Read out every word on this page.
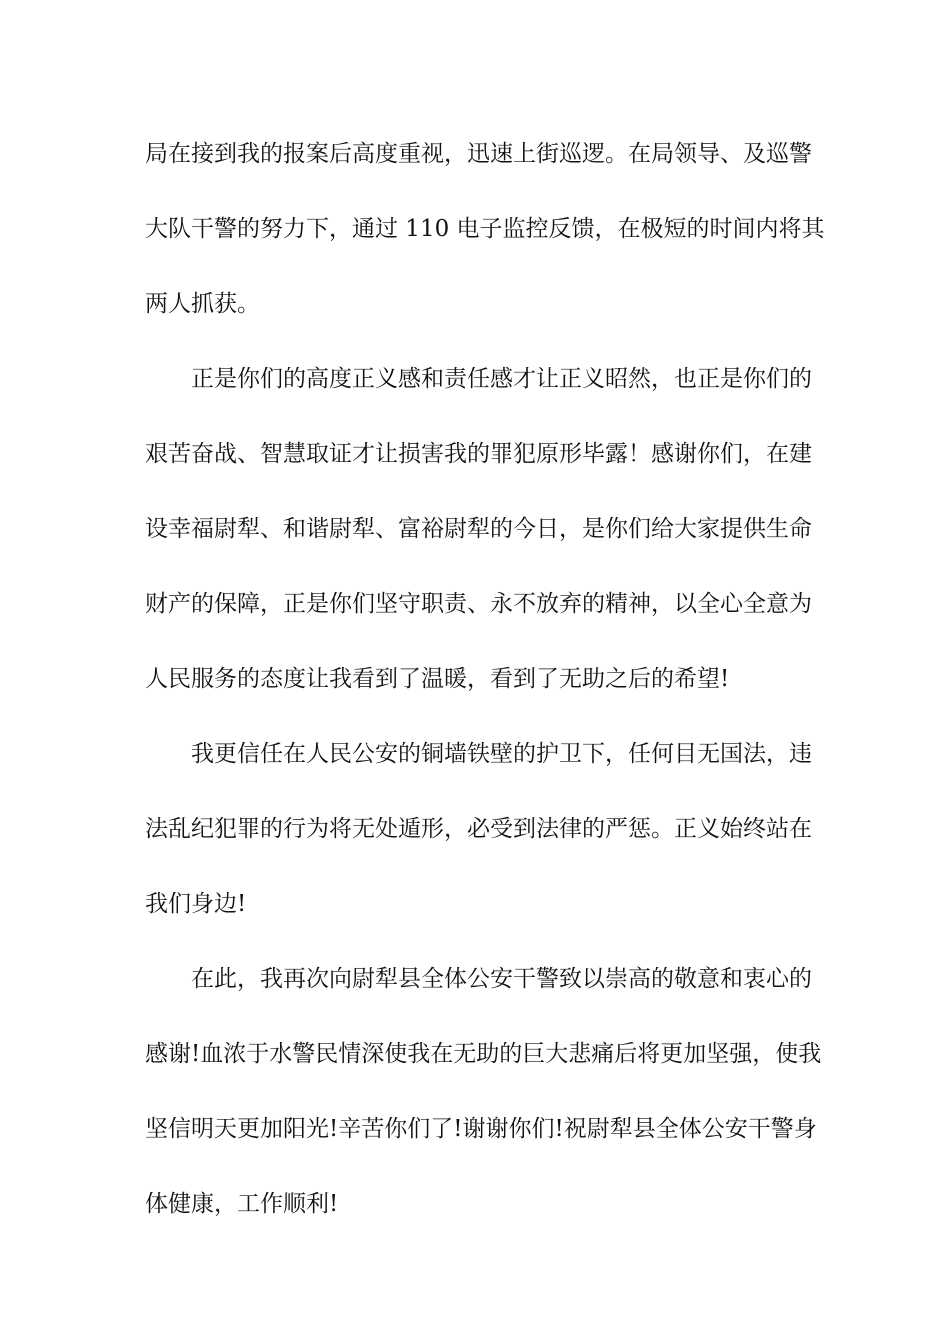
局在接到我的报案后高度重视，迅速上街巡逻。在局领导、及巡警
大队干警的努力下，通过 110 电子监控反馈，在极短的时间内将其
两人抓获。
正是你们的高度正义感和责任感才让正义昭然，也正是你们的
艰苦奋战、智慧取证才让损害我的罪犯原形毕露！感谢你们，在建
设幸福尉犁、和谐尉犁、富裕尉犁的今日，是你们给大家提供生命
财产的保障，正是你们坚守职责、永不放弃的精神，以全心全意为
人民服务的态度让我看到了温暖，看到了无助之后的希望!
我更信任在人民公安的铜墙铁壁的护卫下，任何目无国法，违
法乱纪犯罪的行为将无处遁形，必受到法律的严惩。正义始终站在
我们身边!
在此，我再次向尉犁县全体公安干警致以崇高的敬意和衷心的
感谢!血浓于水警民情深使我在无助的巨大悲痛后将更加坚强，使我
坚信明天更加阳光!辛苦你们了!谢谢你们!祝尉犁县全体公安干警身
体健康，工作顺利!
